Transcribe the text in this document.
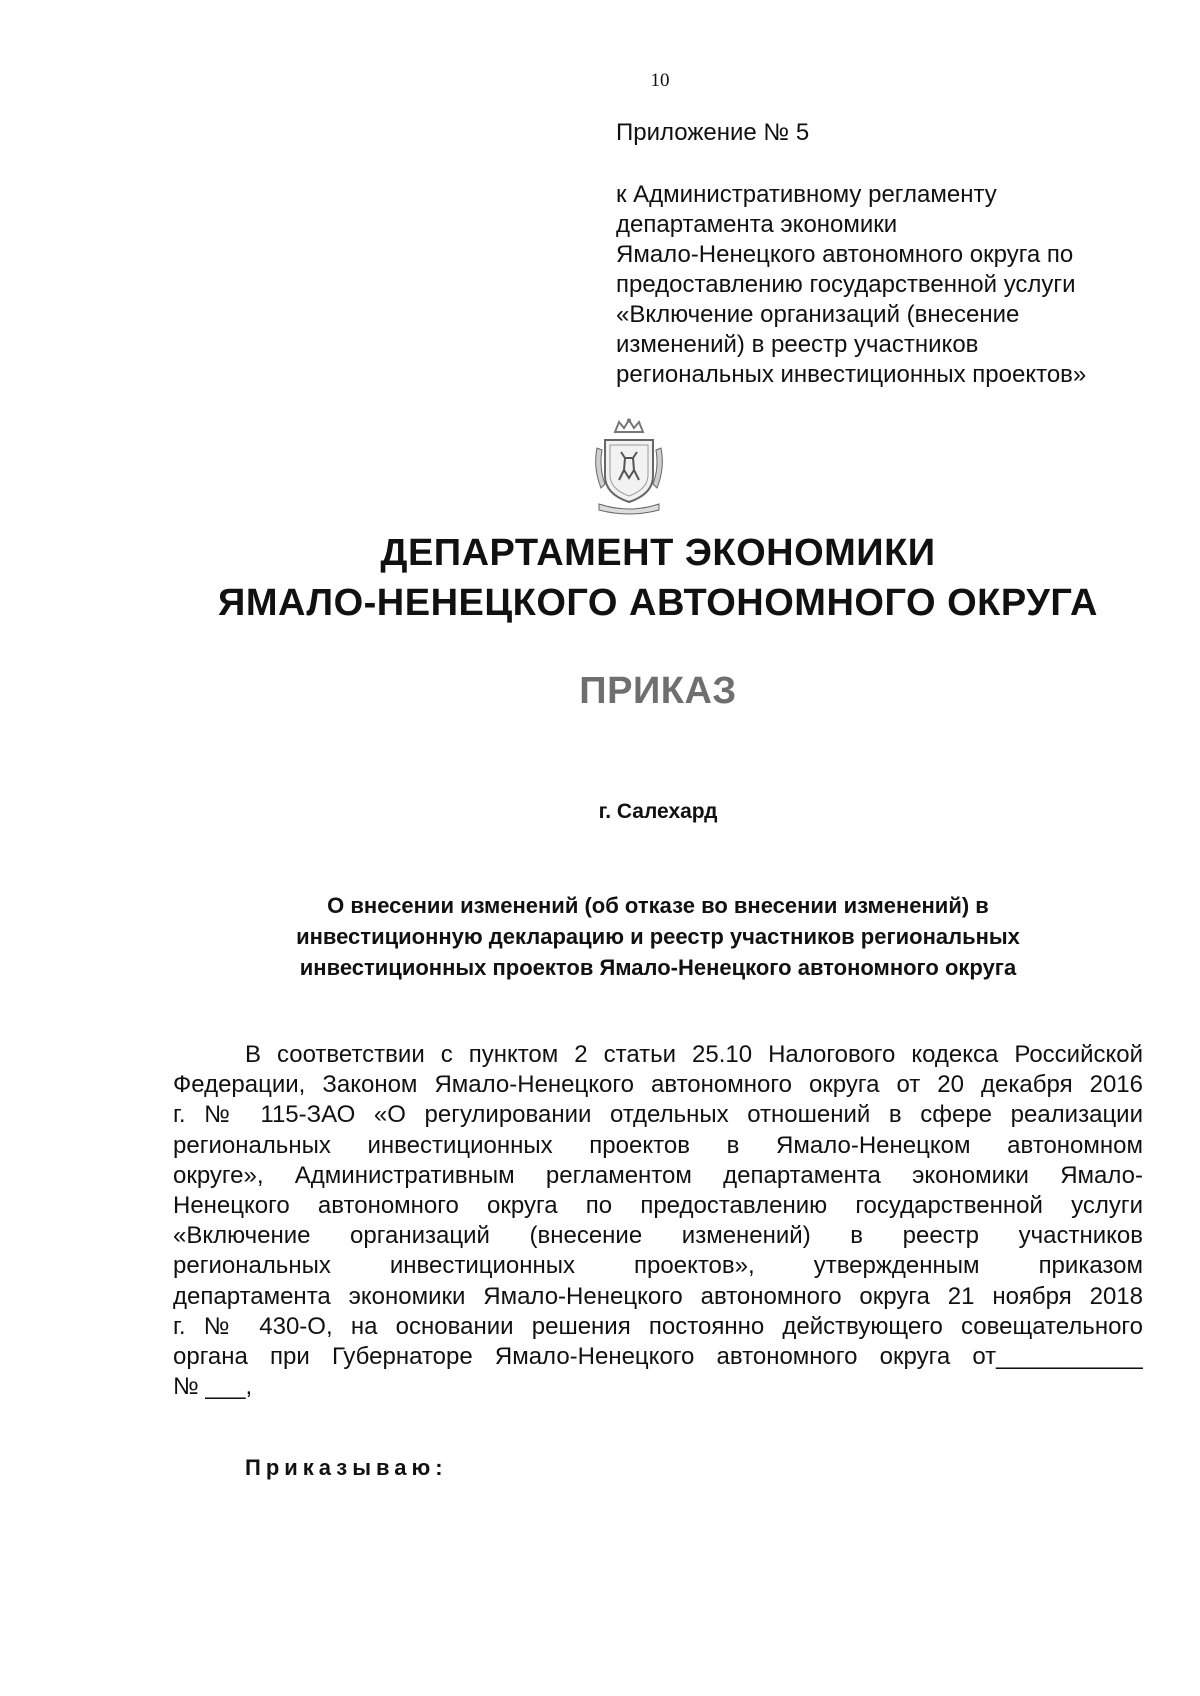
10
Приложение № 5
к Административному регламенту
департамента экономики
Ямало-Ненецкого автономного округа по
предоставлению государственной услуги
«Включение организаций (внесение
изменений) в реестр участников
региональных инвестиционных проектов»
ДЕПАРТАМЕНТ ЭКОНОМИКИ
ЯМАЛО-НЕНЕЦКОГО АВТОНОМНОГО ОКРУГА
ПРИКАЗ
г. Салехард
О внесении изменений (об отказе во внесении изменений) в
инвестиционную декларацию и реестр участников региональных
инвестиционных проектов Ямало-Ненецкого автономного округа
В соответствии с пунктом 2 статьи 25.10 Налогового кодекса Российской
Федерации, Законом Ямало-Ненецкого автономного округа от 20 декабря 2016
г. № 115-ЗАО «О регулировании отдельных отношений в сфере реализации
региональных инвестиционных проектов в Ямало-Ненецком автономном
округе», Административным регламентом департамента экономики Ямало-
Ненецкого автономного округа по предоставлению государственной услуги
«Включение организаций (внесение изменений) в реестр участников
региональных инвестиционных проектов», утвержденным приказом
департамента экономики Ямало-Ненецкого автономного округа 21 ноября 2018
г. № 430-О, на основании решения постоянно действующего совещательного
органа при Губернаторе Ямало-Ненецкого автономного округа от___________
№ ___,
Приказываю:
